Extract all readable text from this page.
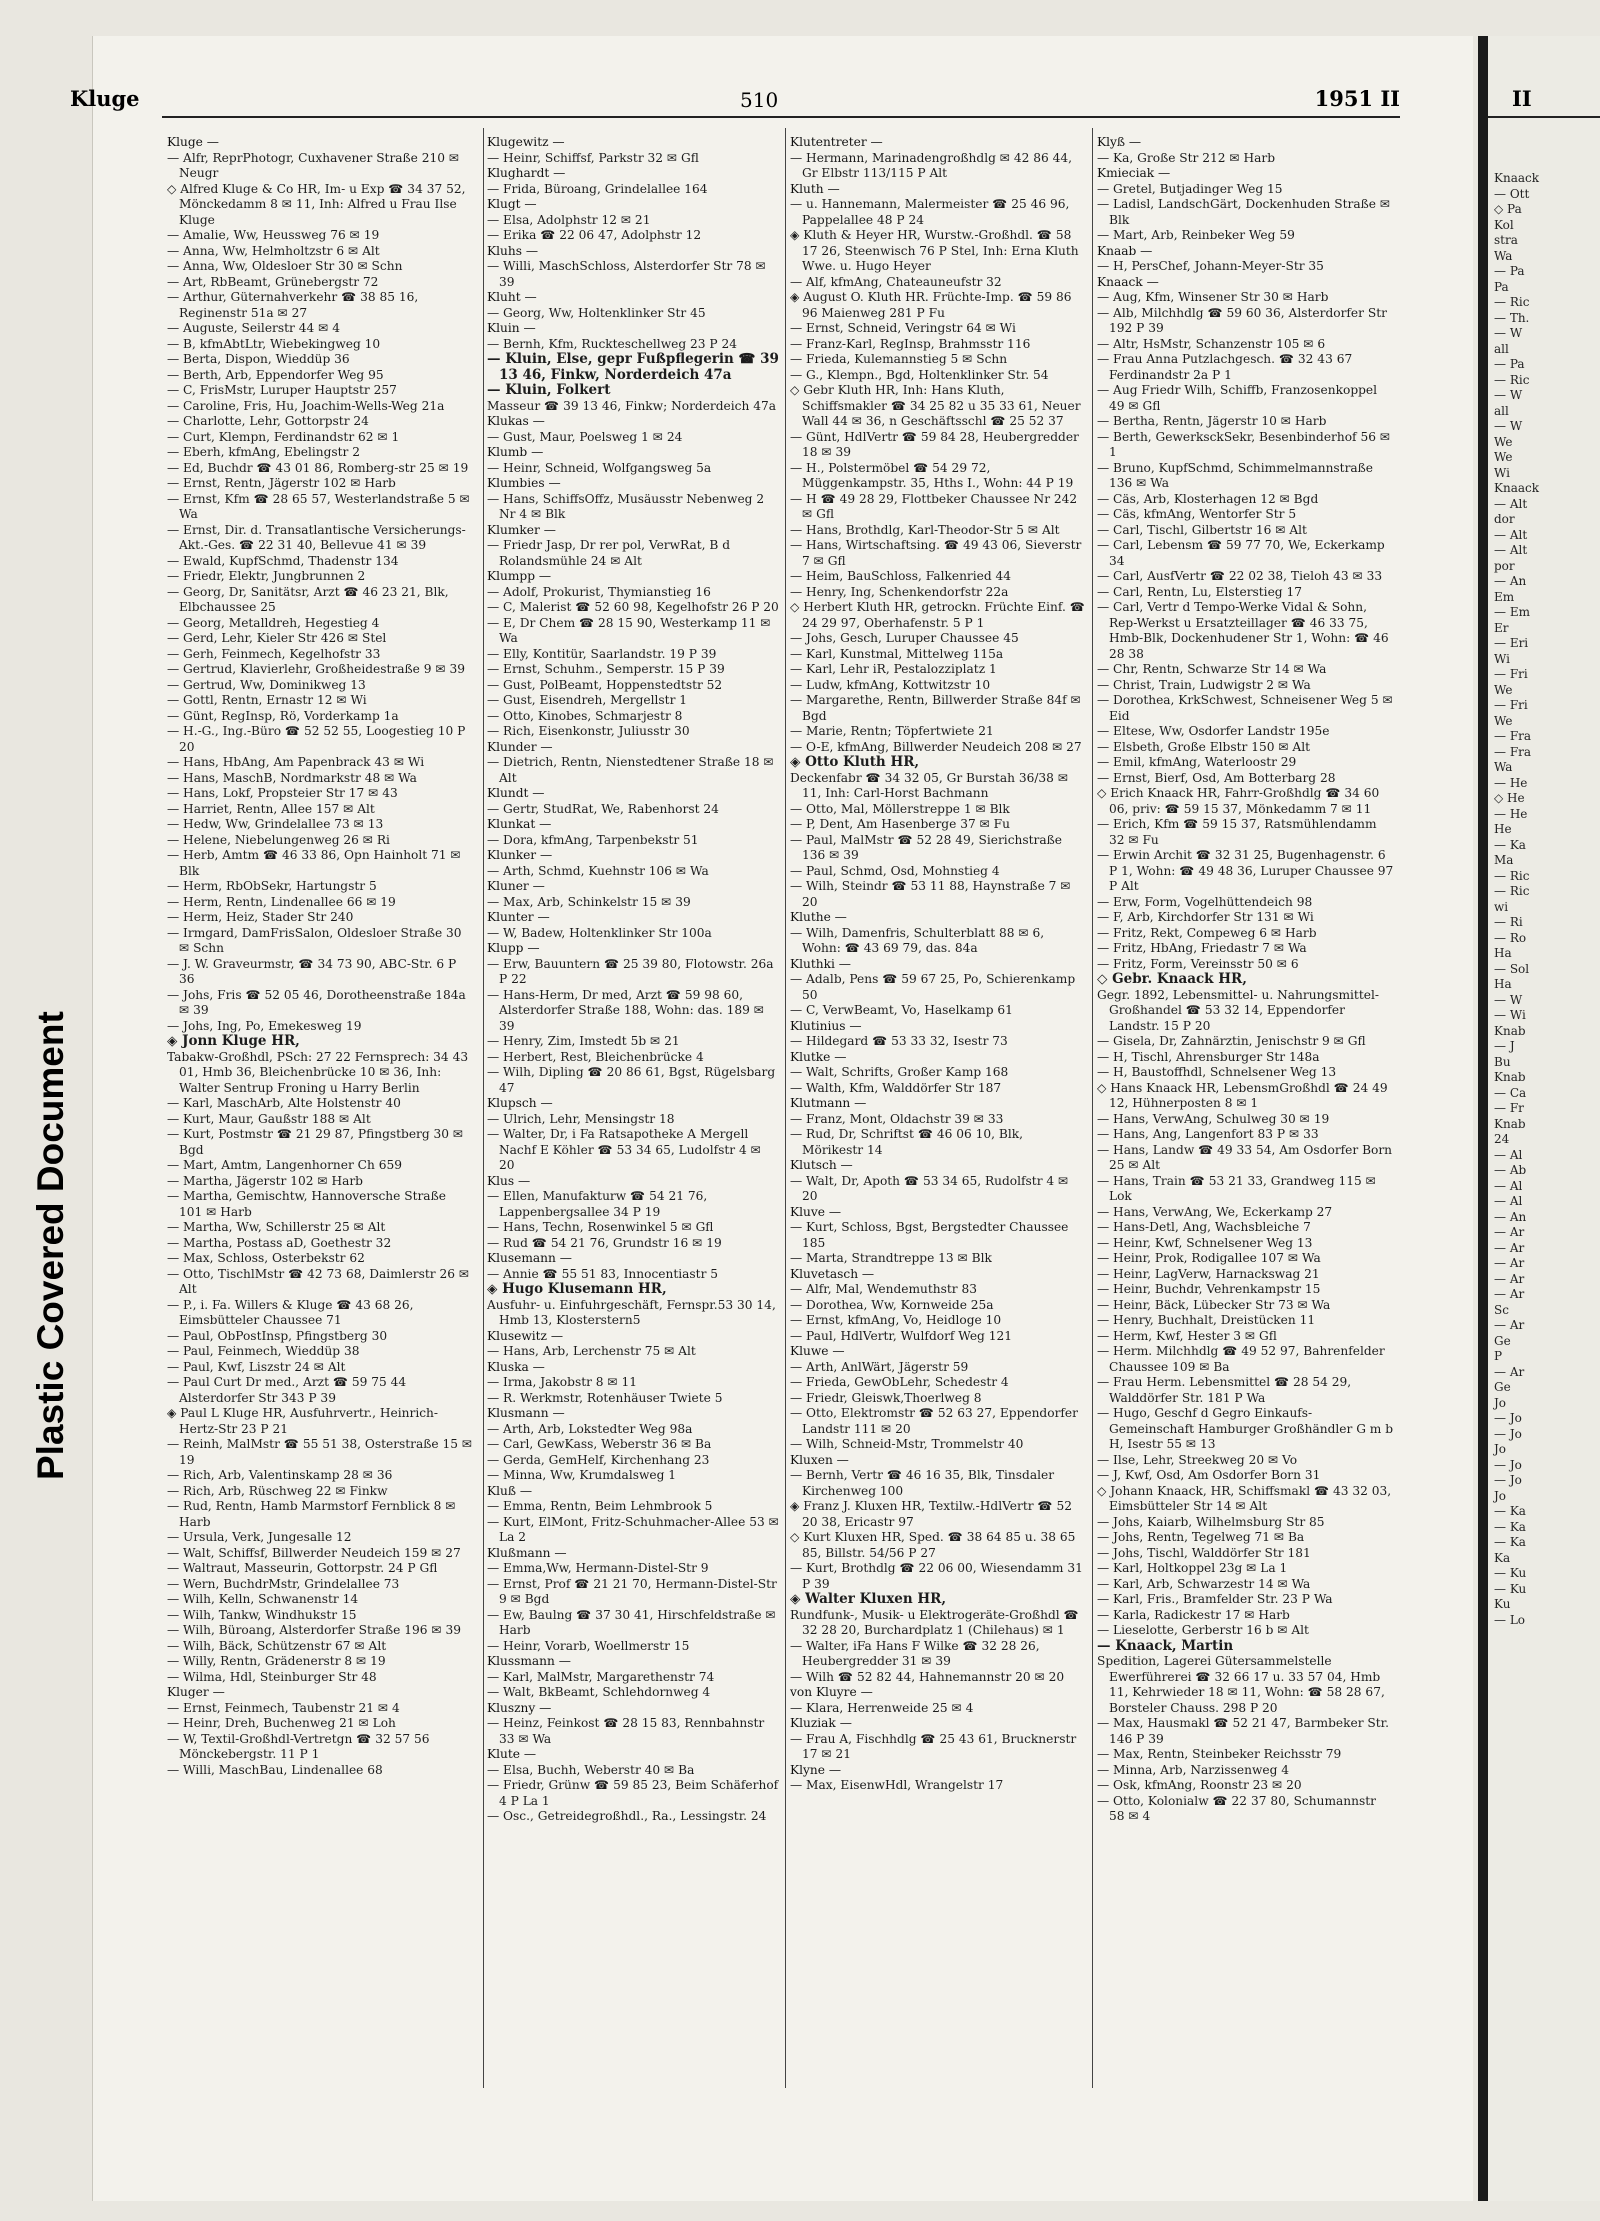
Plastic Covered Document
II
Knaack
— Ott
◇ Pa
Kol
stra
Wa
— Pa
Pa
— Ric
— Th.
— W
all
— Pa
— Ric
— W
all
— W
We
We
Wi
Knaack
— Alt
dor
— Alt
— Alt
por
— An
Em
— Em
Er
— Eri
Wi
— Fri
We
— Fri
We
— Fra
— Fra
Wa
— He
◇ He
— He
He
— Ka
Ma
— Ric
— Ric
wi
— Ri
— Ro
Ha
— Sol
Ha
— W
— Wi
Knab
— J
Bu
Knab
— Ca
— Fr
Knab
24
— Al
— Ab
— Al
— Al
— An
— Ar
— Ar
— Ar
— Ar
— Ar
Sc
— Ar
Ge
P
— Ar
Ge
Jo
— Jo
— Jo
Jo
— Jo
— Jo
Jo
— Ka
— Ka
— Ka
Ka
— Ku
— Ku
Ku
— Lo
Kluge	510	1951 II
Kluge —
— Alfr, ReprPhotogr, Cuxhavener Straße 210 ✉ Neugr
◇ Alfred Kluge & Co HR, Im- u Exp ☎ 34 37 52, Mönckedamm 8 ✉ 11, Inh: Alfred u Frau Ilse Kluge
— Amalie, Ww, Heussweg 76 ✉ 19
— Anna, Ww, Helmholtzstr 6 ✉ Alt
— Anna, Ww, Oldesloer Str 30 ✉ Schn
— Art, RbBeamt, Grünebergstr 72
— Arthur, Güternahverkehr ☎ 38 85 16, Reginenstr 51a ✉ 27
— Auguste, Seilerstr 44 ✉ 4
— B, kfmAbtLtr, Wiebekingweg 10
— Berta, Dispon, Wieddüp 36
— Berth, Arb, Eppendorfer Weg 95
— C, FrisMstr, Luruper Hauptstr 257
— Caroline, Fris, Hu, Joachim-Wells-Weg 21a
— Charlotte, Lehr, Gottorpstr 24
— Curt, Klempn, Ferdinandstr 62 ✉ 1
— Eberh, kfmAng, Ebelingstr 2
— Ed, Buchdr ☎ 43 01 86, Romberg-str 25 ✉ 19
— Ernst, Rentn, Jägerstr 102 ✉ Harb
— Ernst, Kfm ☎ 28 65 57, Westerlandstraße 5 ✉ Wa
— Ernst, Dir. d. Transatlantische Versicherungs-Akt.-Ges. ☎ 22 31 40, Bellevue 41 ✉ 39
— Ewald, KupfSchmd, Thadenstr 134
— Friedr, Elektr, Jungbrunnen 2
— Georg, Dr, Sanitätsr, Arzt ☎ 46 23 21, Blk, Elbchaussee 25
— Georg, Metalldreh, Hegestieg 4
— Gerd, Lehr, Kieler Str 426 ✉ Stel
— Gerh, Feinmech, Kegelhofstr 33
— Gertrud, Klavierlehr, Großheidestraße 9 ✉ 39
— Gertrud, Ww, Dominikweg 13
— Gottl, Rentn, Ernastr 12 ✉ Wi
— Günt, RegInsp, Rö, Vorderkamp 1a
— H.-G., Ing.-Büro ☎ 52 52 55, Loogestieg 10 P 20
— Hans, HbAng, Am Papenbrack 43 ✉ Wi
— Hans, MaschB, Nordmarkstr 48 ✉ Wa
— Hans, Lokf, Propsteier Str 17 ✉ 43
— Harriet, Rentn, Allee 157 ✉ Alt
— Hedw, Ww, Grindelallee 73 ✉ 13
— Helene, Niebelungenweg 26 ✉ Ri
— Herb, Amtm ☎ 46 33 86, Opn Hainholt 71 ✉ Blk
— Herm, RbObSekr, Hartungstr 5
— Herm, Rentn, Lindenallee 66 ✉ 19
— Herm, Heiz, Stader Str 240
— Irmgard, DamFrisSalon, Oldesloer Straße 30 ✉ Schn
— J. W. Graveurmstr, ☎ 34 73 90, ABC-Str. 6 P 36
— Johs, Fris ☎ 52 05 46, Dorotheenstraße 184a ✉ 39
— Johs, Ing, Po, Emekesweg 19
◈ Jonn Kluge HR,
Tabakw-Großhdl, PSch: 27 22 Fernsprech: 34 43 01, Hmb 36, Bleichenbrücke 10 ✉ 36, Inh: Walter Sentrup Froning u Harry Berlin
— Karl, MaschArb, Alte Holstenstr 40
— Kurt, Maur, Gaußstr 188 ✉ Alt
— Kurt, Postmstr ☎ 21 29 87, Pfingstberg 30 ✉ Bgd
— Mart, Amtm, Langenhorner Ch 659
— Martha, Jägerstr 102 ✉ Harb
— Martha, Gemischtw, Hannoversche Straße 101 ✉ Harb
— Martha, Ww, Schillerstr 25 ✉ Alt
— Martha, Postass aD, Goethestr 32
— Max, Schloss, Osterbekstr 62
— Otto, TischlMstr ☎ 42 73 68, Daimlerstr 26 ✉ Alt
— P., i. Fa. Willers & Kluge ☎ 43 68 26, Eimsbütteler Chaussee 71
— Paul, ObPostInsp, Pfingstberg 30
— Paul, Feinmech, Wieddüp 38
— Paul, Kwf, Liszstr 24 ✉ Alt
— Paul Curt Dr med., Arzt ☎ 59 75 44 Alsterdorfer Str 343 P 39
◈ Paul L Kluge HR, Ausfuhrvertr., Heinrich-Hertz-Str 23 P 21
— Reinh, MalMstr ☎ 55 51 38, Osterstraße 15 ✉ 19
— Rich, Arb, Valentinskamp 28 ✉ 36
— Rich, Arb, Rüschweg 22 ✉ Finkw
— Rud, Rentn, Hamb Marmstorf Fernblick 8 ✉ Harb
— Ursula, Verk, Jungesalle 12
— Walt, Schiffsf, Billwerder Neudeich 159 ✉ 27
— Waltraut, Masseurin, Gottorpstr. 24 P Gfl
— Wern, BuchdrMstr, Grindelallee 73
— Wilh, Kelln, Schwanenstr 14
— Wilh, Tankw, Windhukstr 15
— Wilh, Büroang, Alsterdorfer Straße 196 ✉ 39
— Wilh, Bäck, Schützenstr 67 ✉ Alt
— Willy, Rentn, Grädenerstr 8 ✉ 19
— Wilma, Hdl, Steinburger Str 48
Kluger —
— Ernst, Feinmech, Taubenstr 21 ✉ 4
— Heinr, Dreh, Buchenweg 21 ✉ Loh
— W, Textil-Großhdl-Vertretgn ☎ 32 57 56 Mönckebergstr. 11 P 1
— Willi, MaschBau, Lindenallee 68
Klugewitz —
— Heinr, Schiffsf, Parkstr 32 ✉ Gfl
Klughardt —
— Frida, Büroang, Grindelallee 164
Klugt —
— Elsa, Adolphstr 12 ✉ 21
— Erika ☎ 22 06 47, Adolphstr 12
Kluhs —
— Willi, MaschSchloss, Alsterdorfer Str 78 ✉ 39
Kluht —
— Georg, Ww, Holtenklinker Str 45
Kluin —
— Bernh, Kfm, Ruckteschellweg 23 P 24
— Kluin, Else, gepr Fußpflegerin ☎ 39 13 46, Finkw, Norderdeich 47a
— Kluin, Folkert
Masseur ☎ 39 13 46, Finkw; Norderdeich 47a
Klukas —
— Gust, Maur, Poelsweg 1 ✉ 24
Klumb —
— Heinr, Schneid, Wolfgangsweg 5a
Klumbies —
— Hans, SchiffsOffz, Musäusstr Nebenweg 2 Nr 4 ✉ Blk
Klumker —
— Friedr Jasp, Dr rer pol, VerwRat, B d Rolandsmühle 24 ✉ Alt
Klumpp —
— Adolf, Prokurist, Thymianstieg 16
— C, Malerist ☎ 52 60 98, Kegelhofstr 26 P 20
— E, Dr Chem ☎ 28 15 90, Westerkamp 11 ✉ Wa
— Elly, Kontitür, Saarlandstr. 19 P 39
— Ernst, Schuhm., Semperstr. 15 P 39
— Gust, PolBeamt, Hoppenstedtstr 52
— Gust, Eisendreh, Mergellstr 1
— Otto, Kinobes, Schmarjestr 8
— Rich, Eisenkonstr, Juliusstr 30
Klunder —
— Dietrich, Rentn, Nienstedtener Straße 18 ✉ Alt
Klundt —
— Gertr, StudRat, We, Rabenhorst 24
Klunkat —
— Dora, kfmAng, Tarpenbekstr 51
Klunker —
— Arth, Schmd, Kuehnstr 106 ✉ Wa
Kluner —
— Max, Arb, Schinkelstr 15 ✉ 39
Klunter —
— W, Badew, Holtenklinker Str 100a
Klupp —
— Erw, Bauuntern ☎ 25 39 80, Flotowstr. 26a P 22
— Hans-Herm, Dr med, Arzt ☎ 59 98 60, Alsterdorfer Straße 188, Wohn: das. 189 ✉ 39
— Henry, Zim, Imstedt 5b ✉ 21
— Herbert, Rest, Bleichenbrücke 4
— Wilh, Dipling ☎ 20 86 61, Bgst, Rügelsbarg 47
Klupsch —
— Ulrich, Lehr, Mensingstr 18
— Walter, Dr, i Fa Ratsapotheke A Mergell Nachf E Köhler ☎ 53 34 65, Ludolfstr 4 ✉ 20
Klus —
— Ellen, Manufakturw ☎ 54 21 76, Lappenbergsallee 34 P 19
— Hans, Techn, Rosenwinkel 5 ✉ Gfl
— Rud ☎ 54 21 76, Grundstr 16 ✉ 19
Klusemann —
— Annie ☎ 55 51 83, Innocentiastr 5
◈ Hugo Klusemann HR,
Ausfuhr- u. Einfuhrgeschäft, Fernspr.53 30 14, Hmb 13, Klosterstern5
Klusewitz —
— Hans, Arb, Lerchenstr 75 ✉ Alt
Kluska —
— Irma, Jakobstr 8 ✉ 11
— R. Werkmstr, Rotenhäuser Twiete 5
Klusmann —
— Arth, Arb, Lokstedter Weg 98a
— Carl, GewKass, Weberstr 36 ✉ Ba
— Gerda, GemHelf, Kirchenhang 23
— Minna, Ww, Krumdalsweg 1
Kluß —
— Emma, Rentn, Beim Lehmbrook 5
— Kurt, ElMont, Fritz-Schuhmacher-Allee 53 ✉ La 2
Klußmann —
— Emma,Ww, Hermann-Distel-Str 9
— Ernst, Prof ☎ 21 21 70, Hermann-Distel-Str 9 ✉ Bgd
— Ew, Baulng ☎ 37 30 41, Hirschfeldstraße ✉ Harb
— Heinr, Vorarb, Woellmerstr 15
Klussmann —
— Karl, MalMstr, Margarethenstr 74
— Walt, BkBeamt, Schlehdornweg 4
Kluszny —
— Heinz, Feinkost ☎ 28 15 83, Rennbahnstr 33 ✉ Wa
Klute —
— Elsa, Buchh, Weberstr 40 ✉ Ba
— Friedr, Grünw ☎ 59 85 23, Beim Schäferhof 4 P La 1
— Osc., Getreidegroßhdl., Ra., Lessingstr. 24
Klutentreter —
— Hermann, Marinadengroßhdlg ✉ 42 86 44, Gr Elbstr 113/115 P Alt
Kluth —
— u. Hannemann, Malermeister ☎ 25 46 96, Pappelallee 48 P 24
◈ Kluth & Heyer HR, Wurstw.-Großhdl. ☎ 58 17 26, Steenwisch 76 P Stel, Inh: Erna Kluth Wwe. u. Hugo Heyer
— Alf, kfmAng, Chateauneufstr 32
◈ August O. Kluth HR. Früchte-Imp. ☎ 59 86 96 Maienweg 281 P Fu
— Ernst, Schneid, Veringstr 64 ✉ Wi
— Franz-Karl, RegInsp, Brahmsstr 116
— Frieda, Kulemannstieg 5 ✉ Schn
— G., Klempn., Bgd, Holtenklinker Str. 54
◇ Gebr Kluth HR, Inh: Hans Kluth, Schiffsmakler ☎ 34 25 82 u 35 33 61, Neuer Wall 44 ✉ 36, n Geschäftsschl ☎ 25 52 37
— Günt, HdlVertr ☎ 59 84 28, Heubergredder 18 ✉ 39
— H., Polstermöbel ☎ 54 29 72, Müggenkampstr. 35, Hths I., Wohn: 44 P 19
— H ☎ 49 28 29, Flottbeker Chaussee Nr 242 ✉ Gfl
— Hans, Brothdlg, Karl-Theodor-Str 5 ✉ Alt
— Hans, Wirtschaftsing. ☎ 49 43 06, Sieverstr 7 ✉ Gfl
— Heim, BauSchloss, Falkenried 44
— Henry, Ing, Schenkendorfstr 22a
◇ Herbert Kluth HR, getrockn. Früchte Einf. ☎ 24 29 97, Oberhafenstr. 5 P 1
— Johs, Gesch, Luruper Chaussee 45
— Karl, Kunstmal, Mittelweg 115a
— Karl, Lehr iR, Pestalozziplatz 1
— Ludw, kfmAng, Kottwitzstr 10
— Margarethe, Rentn, Billwerder Straße 84f ✉ Bgd
— Marie, Rentn; Töpfertwiete 21
— O-E, kfmAng, Billwerder Neudeich 208 ✉ 27
◈ Otto Kluth HR,
Deckenfabr ☎ 34 32 05, Gr Burstah 36/38 ✉ 11, Inh: Carl-Horst Bachmann
— Otto, Mal, Möllerstreppe 1 ✉ Blk
— P, Dent, Am Hasenberge 37 ✉ Fu
— Paul, MalMstr ☎ 52 28 49, Sierichstraße 136 ✉ 39
— Paul, Schmd, Osd, Mohnstieg 4
— Wilh, Steindr ☎ 53 11 88, Haynstraße 7 ✉ 20
Kluthe —
— Wilh, Damenfris, Schulterblatt 88 ✉ 6, Wohn: ☎ 43 69 79, das. 84a
Kluthki —
— Adalb, Pens ☎ 59 67 25, Po, Schierenkamp 50
— C, VerwBeamt, Vo, Haselkamp 61
Klutinius —
— Hildegard ☎ 53 33 32, Isestr 73
Klutke —
— Walt, Schrifts, Großer Kamp 168
— Walth, Kfm, Walddörfer Str 187
Klutmann —
— Franz, Mont, Oldachstr 39 ✉ 33
— Rud, Dr, Schriftst ☎ 46 06 10, Blk, Mörikestr 14
Klutsch —
— Walt, Dr, Apoth ☎ 53 34 65, Rudolfstr 4 ✉ 20
Kluve —
— Kurt, Schloss, Bgst, Bergstedter Chaussee 185
— Marta, Strandtreppe 13 ✉ Blk
Kluvetasch —
— Alfr, Mal, Wendemuthstr 83
— Dorothea, Ww, Kornweide 25a
— Ernst, kfmAng, Vo, Heidloge 10
— Paul, HdlVertr, Wulfdorf Weg 121
Kluwe —
— Arth, AnlWärt, Jägerstr 59
— Frieda, GewObLehr, Schedestr 4
— Friedr, Gleiswk,Thoerlweg 8
— Otto, Elektromstr ☎ 52 63 27, Eppendorfer Landstr 111 ✉ 20
— Wilh, Schneid-Mstr, Trommelstr 40
Kluxen —
— Bernh, Vertr ☎ 46 16 35, Blk, Tinsdaler Kirchenweg 100
◈ Franz J. Kluxen HR, Textilw.-HdlVertr ☎ 52 20 38, Ericastr 97
◇ Kurt Kluxen HR, Sped. ☎ 38 64 85 u. 38 65 85, Billstr. 54/56 P 27
— Kurt, Brothdlg ☎ 22 06 00, Wiesendamm 31 P 39
◈ Walter Kluxen HR,
Rundfunk-, Musik- u Elektrogeräte-Großhdl ☎ 32 28 20, Burchardplatz 1 (Chilehaus) ✉ 1
— Walter, iFa Hans F Wilke ☎ 32 28 26, Heubergredder 31 ✉ 39
— Wilh ☎ 52 82 44, Hahnemannstr 20 ✉ 20
von Kluyre —
— Klara, Herrenweide 25 ✉ 4
Kluziak —
— Frau A, Fischhdlg ☎ 25 43 61, Brucknerstr 17 ✉ 21
Klyne —
— Max, EisenwHdl, Wrangelstr 17
Klyß —
— Ka, Große Str 212 ✉ Harb
Kmieciak —
— Gretel, Butjadinger Weg 15
— Ladisl, LandschGärt, Dockenhuden Straße ✉ Blk
— Mart, Arb, Reinbeker Weg 59
Knaab —
— H, PersChef, Johann-Meyer-Str 35
Knaack —
— Aug, Kfm, Winsener Str 30 ✉ Harb
— Alb, Milchhdlg ☎ 59 60 36, Alsterdorfer Str 192 P 39
— Altr, HsMstr, Schanzenstr 105 ✉ 6
— Frau Anna Putzlachgesch. ☎ 32 43 67 Ferdinandstr 2a P 1
— Aug Friedr Wilh, Schiffb, Franzosenkoppel 49 ✉ Gfl
— Bertha, Rentn, Jägerstr 10 ✉ Harb
— Berth, GewerksckSekr, Besenbinderhof 56 ✉ 1
— Bruno, KupfSchmd, Schimmelmannstraße 136 ✉ Wa
— Cäs, Arb, Klosterhagen 12 ✉ Bgd
— Cäs, kfmAng, Wentorfer Str 5
— Carl, Tischl, Gilbertstr 16 ✉ Alt
— Carl, Lebensm ☎ 59 77 70, We, Eckerkamp 34
— Carl, AusfVertr ☎ 22 02 38, Tieloh 43 ✉ 33
— Carl, Rentn, Lu, Elsterstieg 17
— Carl, Vertr d Tempo-Werke Vidal & Sohn, Rep-Werkst u Ersatzteillager ☎ 46 33 75, Hmb-Blk, Dockenhudener Str 1, Wohn: ☎ 46 28 38
— Chr, Rentn, Schwarze Str 14 ✉ Wa
— Christ, Train, Ludwigstr 2 ✉ Wa
— Dorothea, KrkSchwest, Schneisener Weg 5 ✉ Eid
— Eltese, Ww, Osdorfer Landstr 195e
— Elsbeth, Große Elbstr 150 ✉ Alt
— Emil, kfmAng, Waterloostr 29
— Ernst, Bierf, Osd, Am Botterbarg 28
◇ Erich Knaack HR, Fahrr-Großhdlg ☎ 34 60 06, priv: ☎ 59 15 37, Mönkedamm 7 ✉ 11
— Erich, Kfm ☎ 59 15 37, Ratsmühlendamm 32 ✉ Fu
— Erwin Archit ☎ 32 31 25, Bugenhagenstr. 6 P 1, Wohn: ☎ 49 48 36, Luruper Chaussee 97 P Alt
— Erw, Form, Vogelhüttendeich 98
— F, Arb, Kirchdorfer Str 131 ✉ Wi
— Fritz, Rekt, Compeweg 6 ✉ Harb
— Fritz, HbAng, Friedastr 7 ✉ Wa
— Fritz, Form, Vereinsstr 50 ✉ 6
◇ Gebr. Knaack HR,
Gegr. 1892, Lebensmittel- u. Nahrungsmittel-Großhandel ☎ 53 32 14, Eppendorfer Landstr. 15 P 20
— Gisela, Dr, Zahnärztin, Jenischstr 9 ✉ Gfl
— H, Tischl, Ahrensburger Str 148a
— H, Baustoffhdl, Schnelsener Weg 13
◇ Hans Knaack HR, LebensmGroßhdl ☎ 24 49 12, Hühnerposten 8 ✉ 1
— Hans, VerwAng, Schulweg 30 ✉ 19
— Hans, Ang, Langenfort 83 P ✉ 33
— Hans, Landw ☎ 49 33 54, Am Osdorfer Born 25 ✉ Alt
— Hans, Train ☎ 53 21 33, Grandweg 115 ✉ Lok
— Hans, VerwAng, We, Eckerkamp 27
— Hans-Detl, Ang, Wachsbleiche 7
— Heinr, Kwf, Schnelsener Weg 13
— Heinr, Prok, Rodigallee 107 ✉ Wa
— Heinr, LagVerw, Harnackswag 21
— Heinr, Buchdr, Vehrenkampstr 15
— Heinr, Bäck, Lübecker Str 73 ✉ Wa
— Henry, Buchhalt, Dreistücken 11
— Herm, Kwf, Hester 3 ✉ Gfl
— Herm. Milchhdlg ☎ 49 52 97, Bahrenfelder Chaussee 109 ✉ Ba
— Frau Herm. Lebensmittel ☎ 28 54 29, Walddörfer Str. 181 P Wa
— Hugo, Geschf d Gegro Einkaufs-Gemeinschaft Hamburger Großhändler G m b H, Isestr 55 ✉ 13
— Ilse, Lehr, Streekweg 20 ✉ Vo
— J, Kwf, Osd, Am Osdorfer Born 31
◇ Johann Knaack, HR, Schiffsmakl ☎ 43 32 03, Eimsbütteler Str 14 ✉ Alt
— Johs, Kaiarb, Wilhelmsburg Str 85
— Johs, Rentn, Tegelweg 71 ✉ Ba
— Johs, Tischl, Walddörfer Str 181
— Karl, Holtkoppel 23g ✉ La 1
— Karl, Arb, Schwarzestr 14 ✉ Wa
— Karl, Fris., Bramfelder Str. 23 P Wa
— Karla, Radickestr 17 ✉ Harb
— Lieselotte, Gerberstr 16 b ✉ Alt
— Knaack, Martin
Spedition, Lagerei Gütersammelstelle Ewerführerei ☎ 32 66 17 u. 33 57 04, Hmb 11, Kehrwieder 18 ✉ 11, Wohn: ☎ 58 28 67, Borsteler Chauss. 298 P 20
— Max, Hausmakl ☎ 52 21 47, Barmbeker Str. 146 P 39
— Max, Rentn, Steinbeker Reichsstr 79
— Minna, Arb, Narzissenweg 4
— Osk, kfmAng, Roonstr 23 ✉ 20
— Otto, Kolonialw ☎ 22 37 80, Schumannstr 58 ✉ 4
